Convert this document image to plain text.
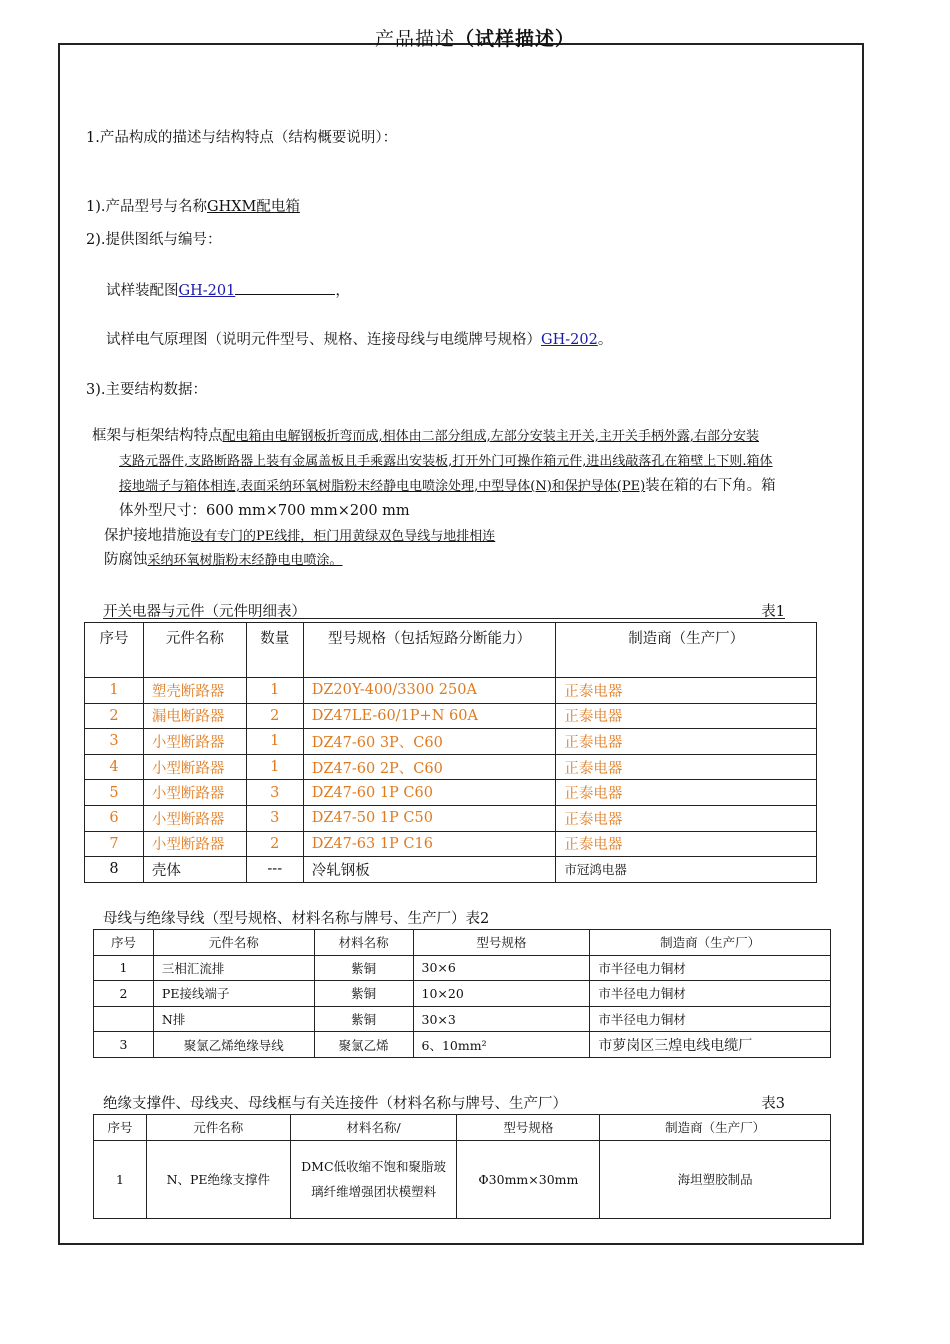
产品描述（试样描述）
1.产品构成的描述与结构特点（结构概要说明）：
1).产品型号与名称GHXM配电箱
2).提供图纸与编号：
试样装配图GH-201	，
试样电气原理图（说明元件型号、规格、连接母线与电缆牌号规格）GH-202。
3).主要结构数据：
框架与柜架结构特点配电箱由电解钢板折弯而成,相体由二部分组成,左部分安装主开关,主开关手柄外露,右部分安装
支路元器件,支路断路器上装有金属盖板且手乘露出安装板,打开外门可操作箱元件,进出线敲落孔在箱壁上下则.箱体
接地端子与箱体相连,表面采纳环氧树脂粉末经静电电喷涂处理,中型导体(N)和保护导体(PE)装在箱的右下角。箱
体外型尺寸：600 mm×700 mm×200 mm
保护接地措施设有专门的PE线排，柜门用黄绿双色导线与地排相连
防腐蚀采纳环氧树脂粉末经静电电喷涂。
开关电器与元件（元件明细表）	表1
序号	元件名称	数量	型号规格（包括短路分断能力）	制造商（生产厂）
1	塑壳断路器	1	DZ20Y-400/3300 250A	正泰电器
2	漏电断路器	2	DZ47LE-60/1P+N 60A	正泰电器
3	小型断路器	1	DZ47-60 3P、C60	正泰电器
4	小型断路器	1	DZ47-60 2P、C60	正泰电器
5	小型断路器	3	DZ47-60 1P C60	正泰电器
6	小型断路器	3	DZ47-50 1P C50	正泰电器
7	小型断路器	2	DZ47-63 1P C16	正泰电器
8	壳体	---	冷轧钢板	市冠鸿电器
母线与绝缘导线（型号规格、材料名称与牌号、生产厂）表2
序号	元件名称	材料名称	型号规格	制造商（生产厂）
1	三相汇流排	紫铜	30×6	市半径电力铜材
2	PE接线端子	紫铜	10×20	市半径电力铜材
	N排	紫铜	30×3	市半径电力铜材
3	聚氯乙烯绝缘导线	聚氯乙烯	6、10mm²	市萝岗区三煌电线电缆厂
绝缘支撑件、母线夹、母线框与有关连接件（材料名称与牌号、生产厂）	表3
序号	元件名称	材料名称/	型号规格	制造商（生产厂）
1	N、PE绝缘支撑件	DMC低收缩不饱和聚脂玻璃纤维增强团状模塑料	Φ30mm×30mm	海坦塑胶制品
